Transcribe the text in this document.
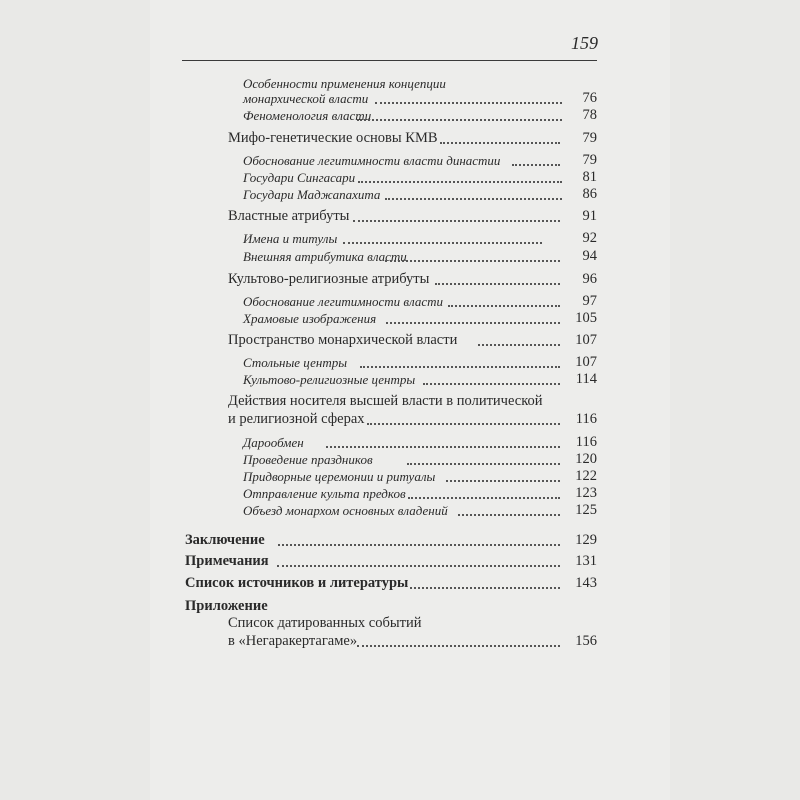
159
Особенности применения концепции
монархической власти	76
Феноменология власти	78
Мифо-генетические основы КМВ	79
Обоснование легитимности власти династии	79
Государи Сингасари	81
Государи Маджапахита	86
Властные атрибуты	91
Имена и титулы	92
Внешняя атрибутика власти	94
Культово-религиозные атрибуты	96
Обоснование легитимности власти	97
Храмовые изображения	105
Пространство монархической власти	107
Стольные центры	107
Культово-религиозные центры	114
Действия носителя высшей власти в политической
и религиозной сферах	116
Дарообмен	116
Проведение праздников	120
Придворные церемонии и ритуалы	122
Отправление культа предков	123
Объезд монархом основных владений	125
Заключение	129
Примечания	131
Список источников и литературы	143
Приложение
Список датированных событий
в «Негаракертагаме»	156
